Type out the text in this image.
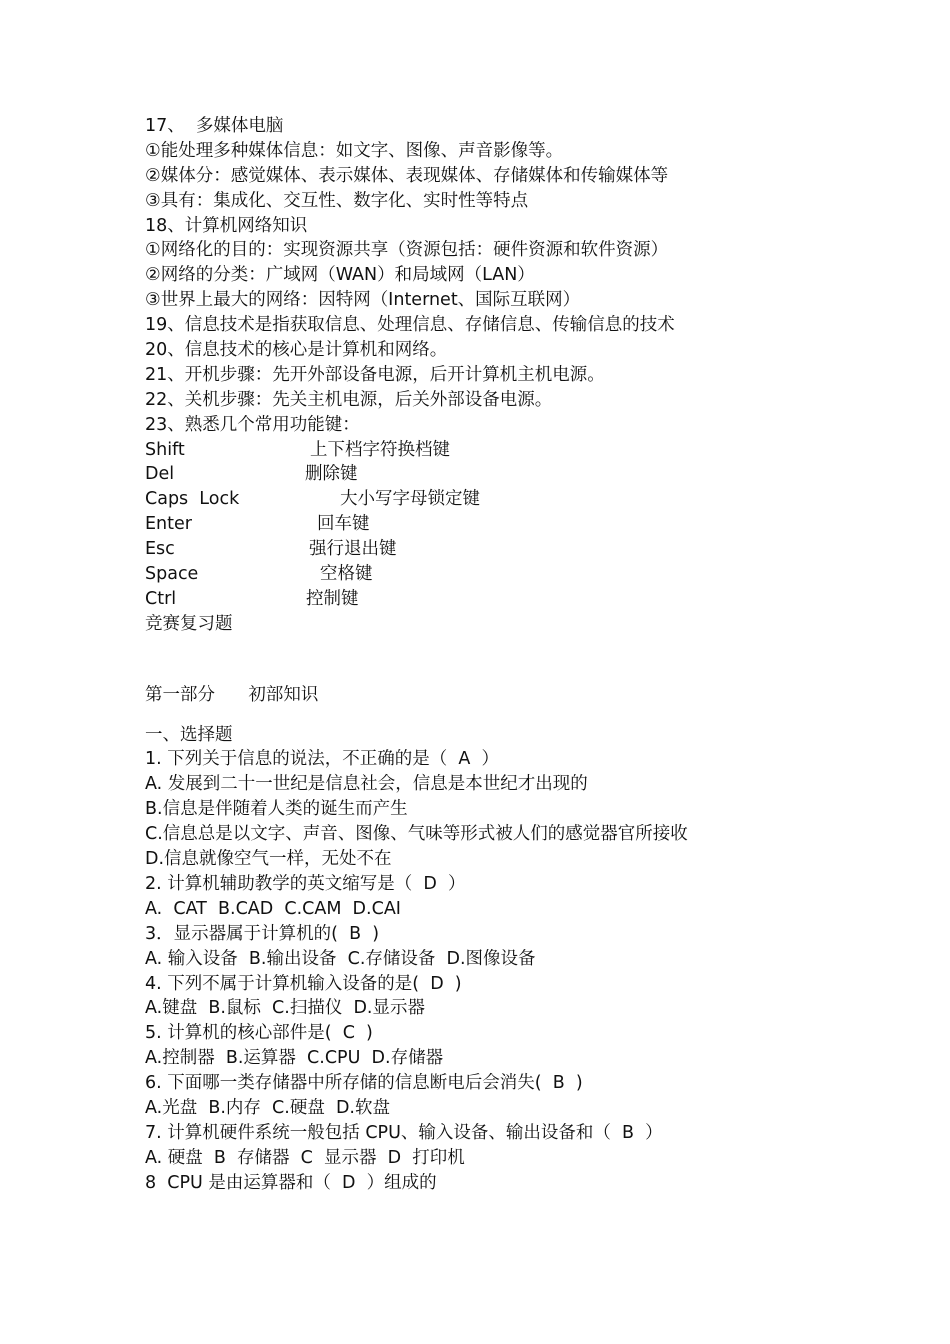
17、  多媒体电脑
①能处理多种媒体信息：如文字、图像、声音影像等。
②媒体分：感觉媒体、表示媒体、表现媒体、存储媒体和传输媒体等
③具有：集成化、交互性、数字化、实时性等特点
18、计算机网络知识
①网络化的目的：实现资源共享（资源包括：硬件资源和软件资源）
②网络的分类：广域网（WAN）和局域网（LAN）
③世界上最大的网络：因特网（Internet、国际互联网）
19、信息技术是指获取信息、处理信息、存储信息、传输信息的技术
20、信息技术的核心是计算机和网络。
21、开机步骤：先开外部设备电源，后开计算机主机电源。
22、关机步骤：先关主机电源，后关外部设备电源。
23、熟悉几个常用功能键：
Shift	上下档字符换档键
Del	删除键
Caps  Lock	大小写字母锁定键
Enter	回车键
Esc	强行退出键
Space	空格键
Ctrl	控制键
竞赛复习题
第一部分      初部知识
一、选择题
1. 下列关于信息的说法，不正确的是（  A  ）
A. 发展到二十一世纪是信息社会，信息是本世纪才出现的
B.信息是伴随着人类的诞生而产生
C.信息总是以文字、声音、图像、气味等形式被人们的感觉器官所接收
D.信息就像空气一样，无处不在
2. 计算机辅助教学的英文缩写是（  D  ）
A.  CAT  B.CAD  C.CAM  D.CAI
3．显示器属于计算机的(  B  )
A. 输入设备  B.输出设备  C.存储设备  D.图像设备
4. 下列不属于计算机输入设备的是(  D  )
A.键盘  B.鼠标  C.扫描仪  D.显示器
5. 计算机的核心部件是(  C  )
A.控制器  B.运算器  C.CPU  D.存储器
6. 下面哪一类存储器中所存储的信息断电后会消失(  B  )
A.光盘  B.内存  C.硬盘  D.软盘
7. 计算机硬件系统一般包括 CPU、输入设备、输出设备和（  B  ）
A. 硬盘  B  存储器  C  显示器  D  打印机
8  CPU 是由运算器和（  D  ）组成的
